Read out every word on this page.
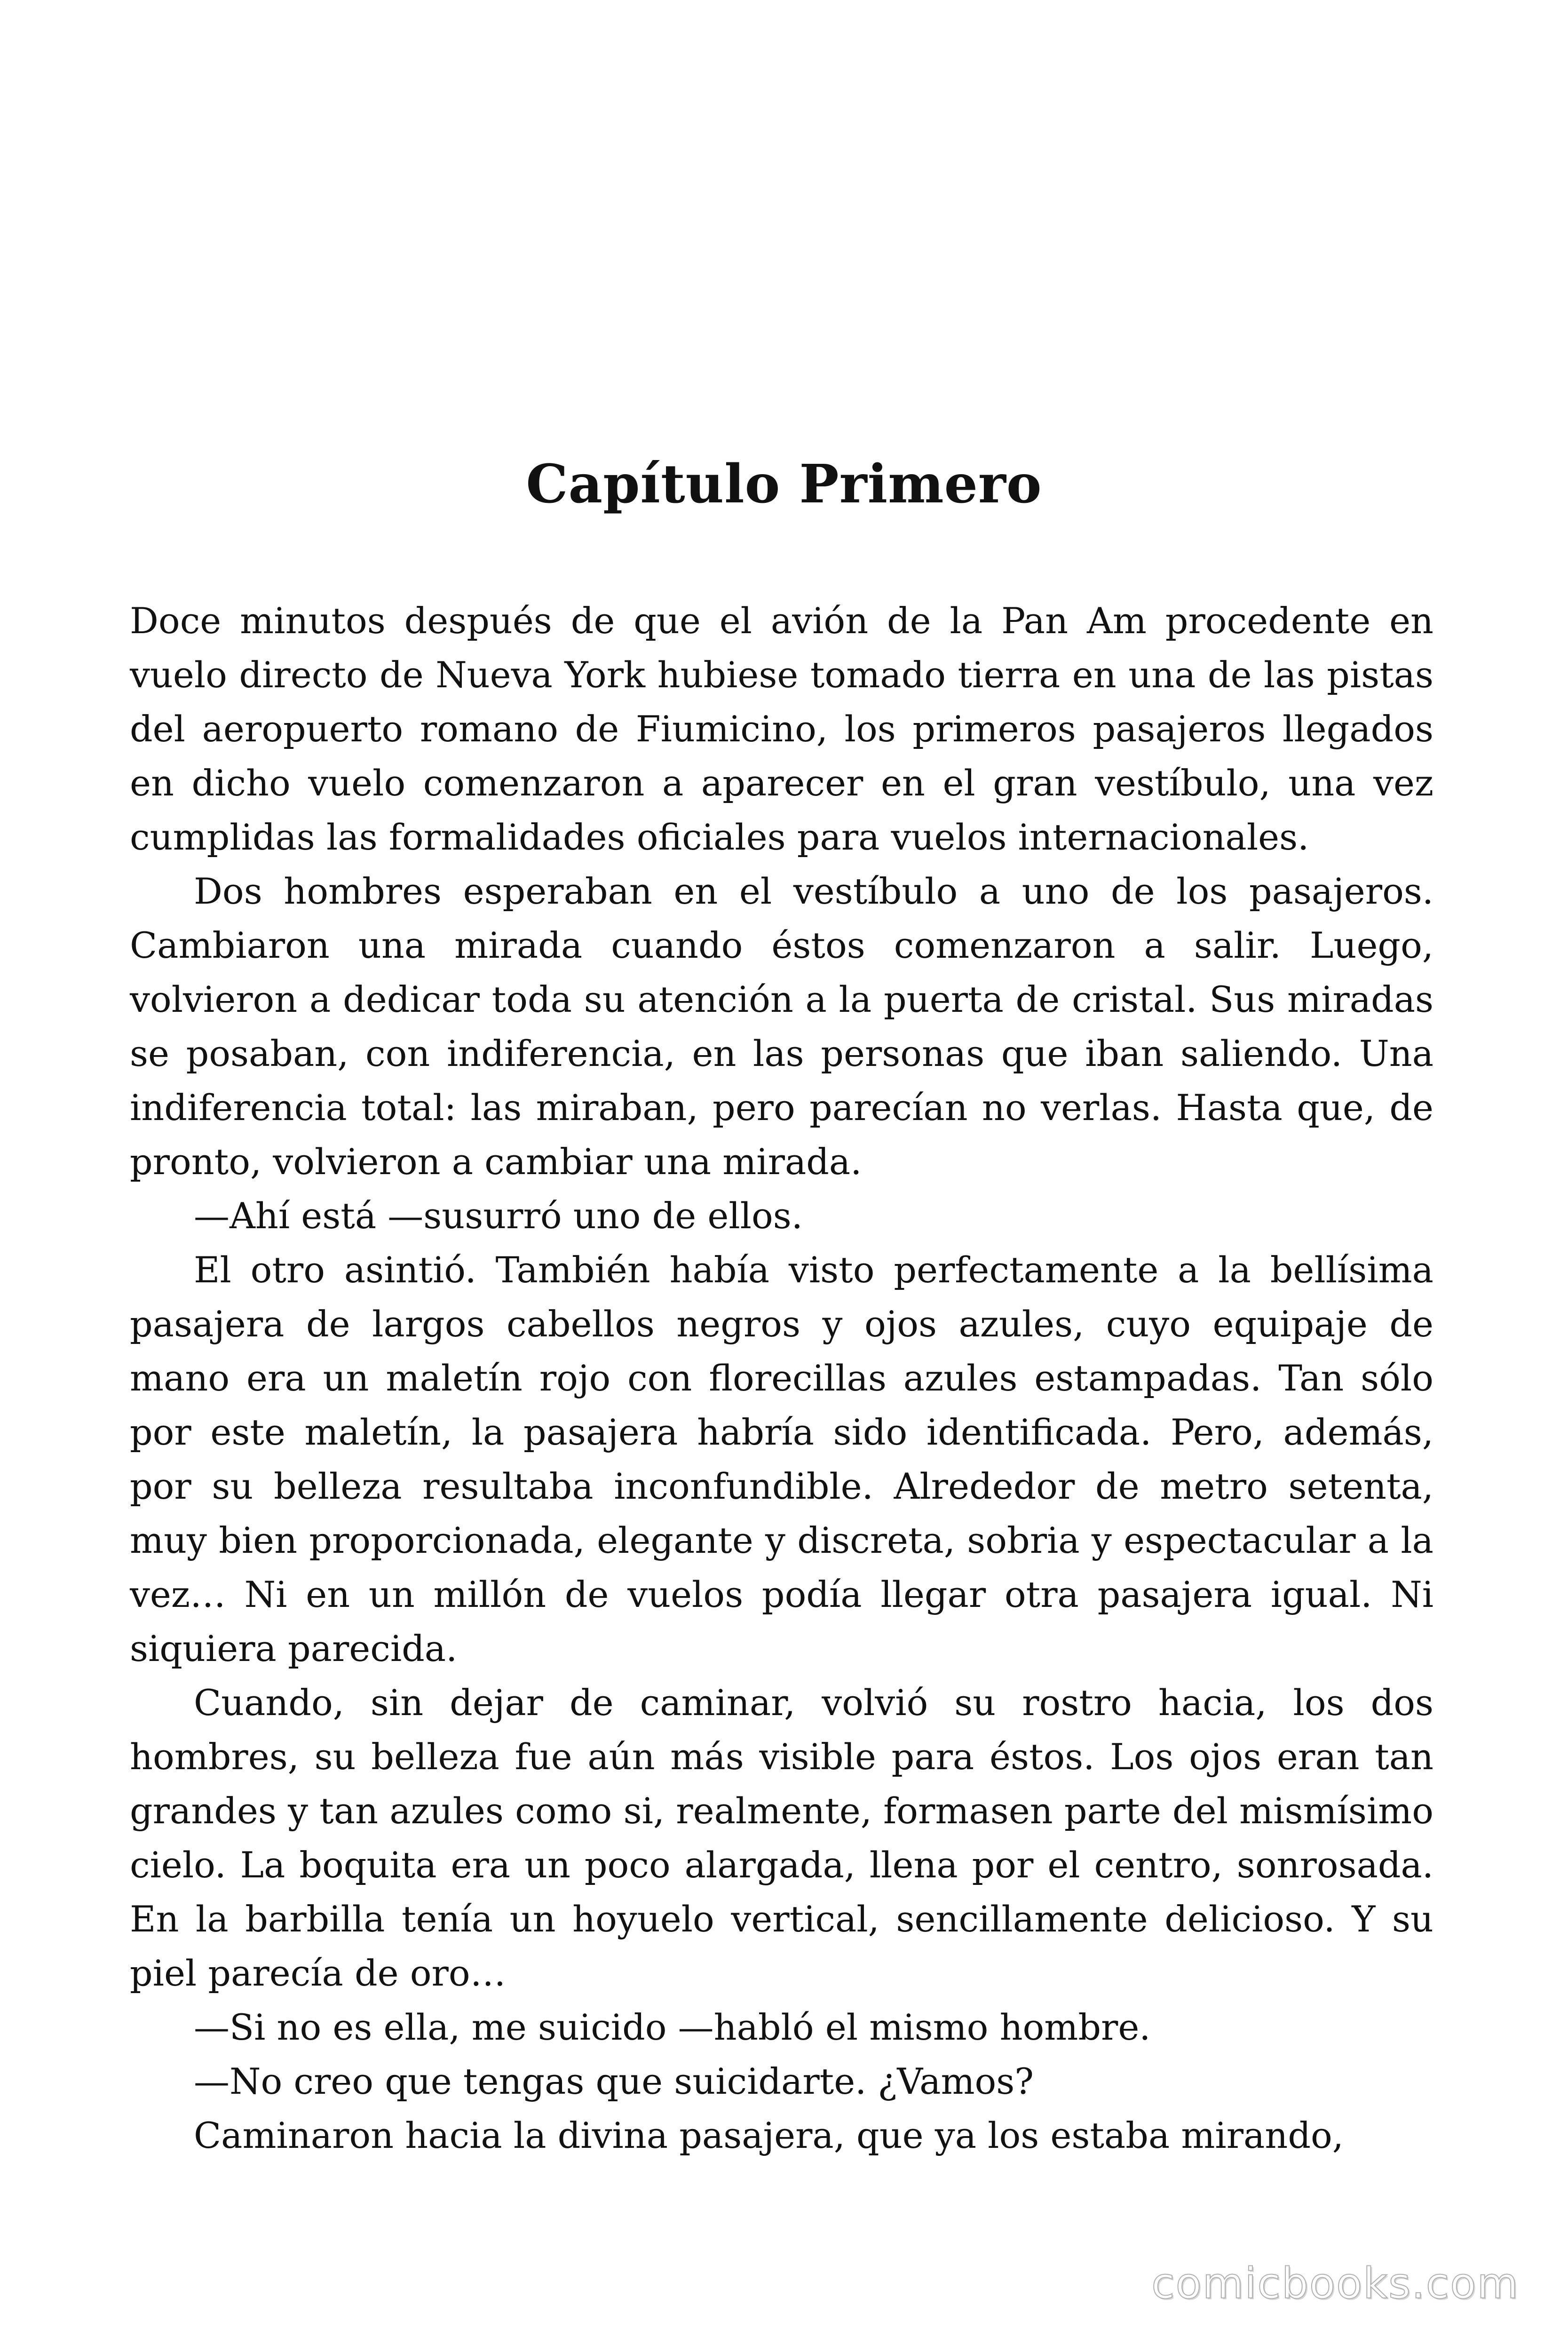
Capítulo Primero

Doce minutos después de que el avión de la Pan Am procedente en vuelo directo de Nueva York hubiese tomado tierra en una de las pistas del aeropuerto romano de Fiumicino, los primeros pasajeros llegados en dicho vuelo comenzaron a aparecer en el gran vestíbulo, una vez cumplidas las formalidades oficiales para vuelos internacionales.

Dos hombres esperaban en el vestíbulo a uno de los pasajeros. Cambiaron una mirada cuando éstos comenzaron a salir. Luego, volvieron a dedicar toda su atención a la puerta de cristal. Sus miradas se posaban, con indiferencia, en las personas que iban saliendo. Una indiferencia total: las miraban, pero parecían no verlas. Hasta que, de pronto, volvieron a cambiar una mirada.

—Ahí está —susurró uno de ellos.

El otro asintió. También había visto perfectamente a la bellísima pasajera de largos cabellos negros y ojos azules, cuyo equipaje de mano era un maletín rojo con florecillas azules estampadas. Tan sólo por este maletín, la pasajera habría sido identificada. Pero, además, por su belleza resultaba inconfundible. Alrededor de metro setenta, muy bien proporcionada, elegante y discreta, sobria y espectacular a la vez… Ni en un millón de vuelos podía llegar otra pasajera igual. Ni siquiera parecida.

Cuando, sin dejar de caminar, volvió su rostro hacia, los dos hombres, su belleza fue aún más visible para éstos. Los ojos eran tan grandes y tan azules como si, realmente, formasen parte del mismísimo cielo. La boquita era un poco alargada, llena por el centro, sonrosada. En la barbilla tenía un hoyuelo vertical, sencillamente delicioso. Y su piel parecía de oro…

—Si no es ella, me suicido —habló el mismo hombre.

—No creo que tengas que suicidarte. ¿Vamos?

Caminaron hacia la divina pasajera, que ya los estaba mirando,

comicbooks.com
